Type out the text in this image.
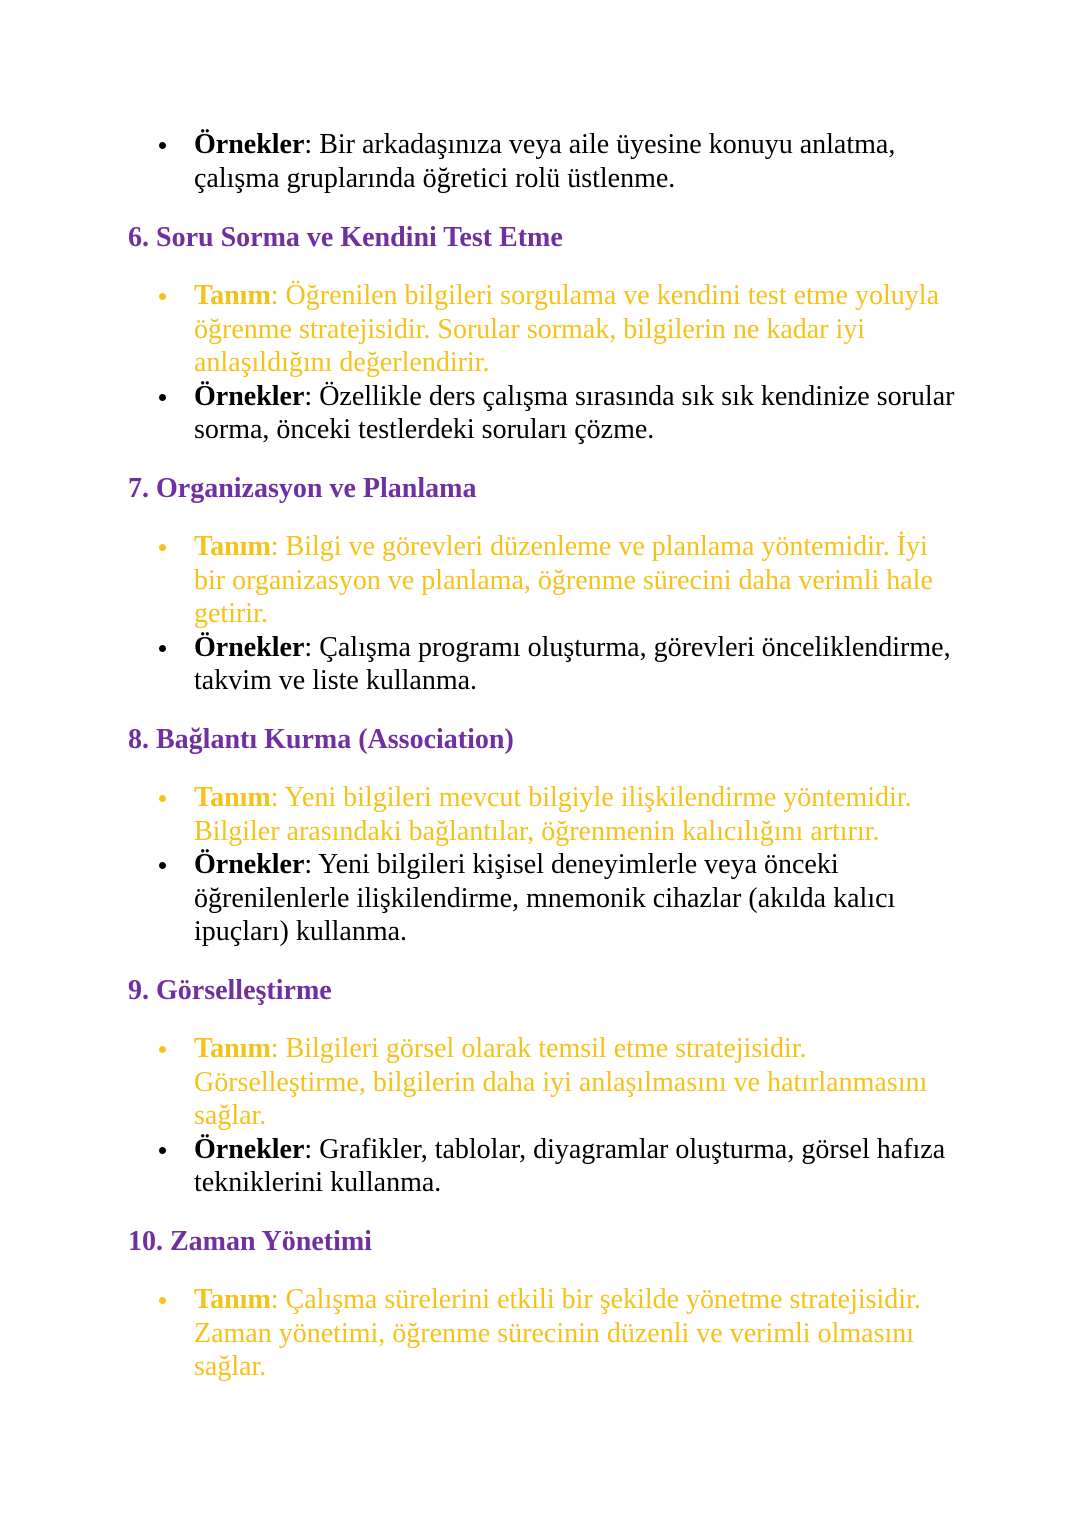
Örnekler: Bir arkadaşınıza veya aile üyesine konuyu anlatma, çalışma gruplarında öğretici rolü üstlenme.
6. Soru Sorma ve Kendini Test Etme
Tanım: Öğrenilen bilgileri sorgulama ve kendini test etme yoluyla öğrenme stratejisidir. Sorular sormak, bilgilerin ne kadar iyi anlaşıldığını değerlendirir.
Örnekler: Özellikle ders çalışma sırasında sık sık kendinize sorular sorma, önceki testlerdeki soruları çözme.
7. Organizasyon ve Planlama
Tanım: Bilgi ve görevleri düzenleme ve planlama yöntemidir. İyi bir organizasyon ve planlama, öğrenme sürecini daha verimli hale getirir.
Örnekler: Çalışma programı oluşturma, görevleri önceliklendirme, takvim ve liste kullanma.
8. Bağlantı Kurma (Association)
Tanım: Yeni bilgileri mevcut bilgiyle ilişkilendirme yöntemidir. Bilgiler arasındaki bağlantılar, öğrenmenin kalıcılığını artırır.
Örnekler: Yeni bilgileri kişisel deneyimlerle veya önceki öğrenilenlerle ilişkilendirme, mnemonik cihazlar (akılda kalıcı ipuçları) kullanma.
9. Görselleştirme
Tanım: Bilgileri görsel olarak temsil etme stratejisidir. Görselleştirme, bilgilerin daha iyi anlaşılmasını ve hatırlanmasını sağlar.
Örnekler: Grafikler, tablolar, diyagramlar oluşturma, görsel hafıza tekniklerini kullanma.
10. Zaman Yönetimi
Tanım: Çalışma sürelerini etkili bir şekilde yönetme stratejisidir. Zaman yönetimi, öğrenme sürecinin düzenli ve verimli olmasını sağlar.
